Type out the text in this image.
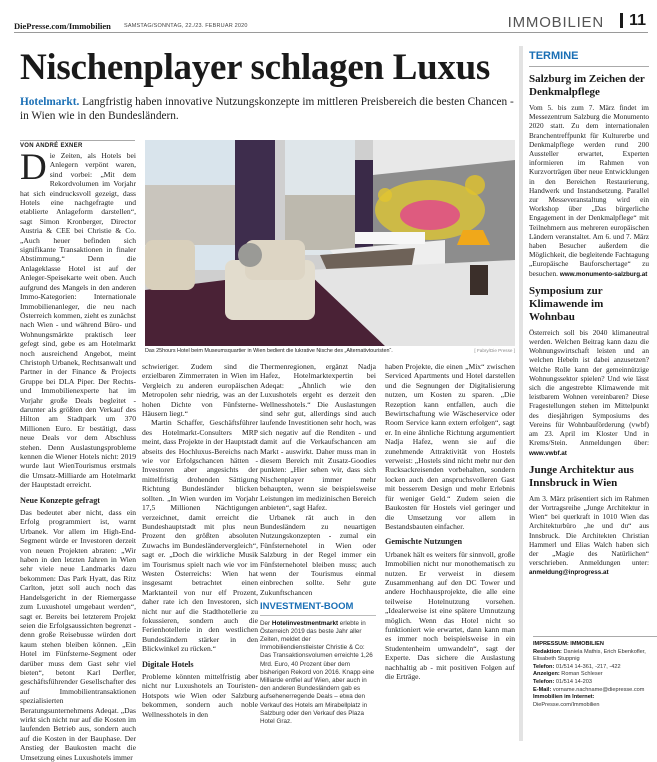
DiePresse.com/Immobilien SAMSTAG/SONNTAG, 22./23. FEBRUAR 2020	IMMOBILIEN	11
Nischenplayer schlagen Luxus
Hotelmarkt. Langfristig haben innovative Nutzungskonzepte im mittleren Preisbereich die besten Chancen - in Wien wie in den Bundesländern.
VON ANDRÉ EXNER

Die Zeiten, als Hotels bei Anlegern verpönt waren, sind vorbei: „Mit dem Rekordvolumen im Vorjahr hat sich eindrucksvoll gezeigt, dass Hotels eine nachgefragte und etablierte Anlageform darstellen“, sagt Simon Kronberger, Director Austria & CEE bei Christie & Co. „Auch heuer befinden sich signifikante Transaktionen in finaler Abstimmung.“ Denn die Anlageklasse Hotel ist auf der Anleger-Speisekarte weit oben. Auch aufgrund des Mangels in den anderen Immo-Kategorien: Internationale Immobilienanleger, die neu nach Österreich kommen, zieht es zunächst nach Wien - und während Büro- und Wohnungsmärkte praktisch leer gefegt sind, gebe es am Hotelmarkt noch ausreichend Angebot, meint Christoph Urbanek, Rechtsanwalt und Partner in der Finance & Projects Gruppe bei DLA Piper. Der Rechts- und Immobilienexperte hat im Vorjahr große Deals begleitet - darunter als größten den Verkauf des Hilton am Stadtpark um 370 Millionen Euro. Er bestätigt, dass neue Deals vor dem Abschluss stehen. Denn Auslastungsprobleme kennen die Wiener Hotels nicht: 2019 wurde laut WienTourismus erstmals die Umsatz-Milliarde am Hotelmarkt der Hauptstadt erreicht.

Neue Konzepte gefragt

Das bedeutet aber nicht, dass ein Erfolg programmiert ist, warnt Urbanek. Vor allem im High-End-Segment würde er Investoren derzeit von neuen Projekten abraten: „Wir haben in den letzten Jahren in Wien sehr viele neue Landmarks dazu bekommen: Das Park Hyatt, das Ritz Carlton, jetzt soll auch noch das Handelsgericht in der Riemergasse zum Luxushotel umgebaut werden“, sagt er. Bereits bei letzterem Projekt seien die Erfolgsaussichten begrenzt - denn große Reisebusse würden dort kaum stehen bleiben können. „Ein Hotel im Fünfsterne-Segment oder darüber muss dem Gast sehr viel bieten“, betont Karl Derfler, geschäftsführender Gesellschafter des auf Immobilientransaktionen spezialisierten Beratungsunternehmens Adeqat. „Das wirkt sich nicht nur auf die Kosten im laufenden Betrieb aus, sondern auch auf die Kosten in der Bauphase. Der Anstieg der Baukosten macht die Umsetzung eines Luxushotels immer

Das 25hours Hotel beim Museumsquartier in Wien bedient die lukrative Nische des „Alternativtouristen“.	[ Fabry/Die Presse ]

schwieriger. Zudem sind die erzielbaren Zimmerraten in Wien im Vergleich zu anderen europäischen Metropolen sehr niedrig, was an der hohen Dichte von Fünfsterne-Häusern liegt.“

Martin Schaffer, Geschäftsführer des Hotelmarkt-Consulters MRP meint, dass Projekte in der Hauptstadt abseits des Hochluxus-Bereichs nach wie vor Erfolgschancen hätten - Investoren aber angesichts der mittelfristig drohenden Sättigung Richtung Bundesländer blicken sollten. „In Wien wurden im Vorjahr 17,5 Millionen Nächtigungen verzeichnet, damit erreicht die Bundeshauptstadt mit plus neun Prozent den größten absoluten Zuwachs im Bundesländervergleich“, sagt er. „Doch die wirkliche Musik im Tourismus spielt nach wie vor im Westen Österreichs: Wien hat insgesamt betrachtet einen Marktanteil von nur elf Prozent, daher rate ich den Investoren, sich nicht nur auf die Stadthotellerie zu fokussieren, sondern auch die Ferienhotellerie in den westlichen Bundesländern stärker in den Blickwinkel zu rücken.“

Digitale Hotels

Probleme könnten mittelfristig aber nicht nur Luxushotels an Touristen-Hotspots wie Wien oder Salzburg bekommen, sondern auch noble Wellnesshotels in den

Thermenregionen, ergänzt Nadja Hafez, Hotelmarktexpertin bei Adeqat: „Ähnlich wie den Luxushotels ergeht es derzeit den Wellnesshotels.“ Die Auslastungen sind sehr gut, allerdings sind auch laufende Investitionen sehr hoch, was sich negativ auf die Renditen - und damit auf die Verkaufschancen am Markt - auswirkt. Daher muss man in diesem Bereich mit Zusatz-Goodies punkten: „Hier sehen wir, dass sich Nischenplayer immer mehr behaupten, wenn sie beispielsweise Leistungen im medizinischen Bereich anbieten“, sagt Hafez.

Urbanek rät auch in den Bundesländern zu neuartigen Nutzungskonzepten - zumal ein Fünfsternehotel in Wien oder Salzburg in der Regel immer ein Fünfsternehotel bleiben muss; auch wenn der Tourismus einmal einbrechen sollte. Sehr gute Zukunftschancen

INVESTMENT-BOOM
Der Hotelinvestmentmarkt erlebte in Österreich 2019 das beste Jahr aller Zeiten, meldet der Immobiliendienstleister Christie & Co: Das Transaktionsvolumen erreichte 1,26 Mrd. Euro, 40 Prozent über dem bisherigen Rekord von 2016. Knapp eine Milliarde entfiel auf Wien, aber auch in den anderen Bundesländern gab es aufsehenerregende Deals – etwa den Verkauf des Hotels am Mirabellplatz in Salzburg oder den Verkauf des Plaza Hotel Graz.

haben Projekte, die einen „Mix“ zwischen Serviced Apartments und Hotel darstellen und die Segnungen der Digitalisierung nutzen, um Kosten zu sparen. „Die Rezeption kann entfallen, auch die Bewirtschaftung wie Wäscheservice oder Room Service kann extern erfolgen“, sagt er. In eine ähnliche Richtung argumentiert Nadja Hafez, wenn sie auf die zunehmende Attraktivität von Hostels verweist: „Hostels sind nicht mehr nur den Rucksackreisenden vorbehalten, sondern locken auch den anspruchsvolleren Gast mit besserem Design und mehr Erlebnis für weniger Geld.“ Zudem seien die Baukosten für Hostels viel geringer und die Umsetzung vor allem in Bestandsbauten einfacher.

Gemischte Nutzungen

Urbanek hält es weiters für sinnvoll, große Immobilien nicht nur monothematisch zu nutzen. Er verweist in diesem Zusammenhang auf den DC Tower und andere Hochhausprojekte, die alle eine teilweise Hotelnutzung vorsehen. „Idealerweise ist eine spätere Umnutzung möglich. Wenn das Hotel nicht so funktioniert wie erwartet, dann kann man es immer noch beispielsweise in ein Studentenheim umwandeln“, sagt der Experte. Das sichere die Auslastung nachhaltig ab - mit positiven Folgen auf die Erträge.

TERMINE
Salzburg im Zeichen der Denkmalpflege
Vom 5. bis zum 7. März findet im Messezentrum Salzburg die Monumento 2020 statt. Zu dem internationalen Branchentreffpunkt für Kulturerbe und Denkmalpflege werden rund 200 Aussteller erwartet, Experten informieren im Rahmen von Kurzvorträgen über neue Entwicklungen in den Bereichen Restaurierung, Handwerk und Instandsetzung. Parallel zur Messeveranstaltung wird ein Workshop über „Das bürgerliche Engagement in der Denkmalpflege“ mit Teilnehmern aus mehreren europäischen Ländern veranstaltet. Am 6. und 7. März haben Besucher außerdem die Möglichkeit, die begleitende Fachtagung „Europäische Bauforschertage“ zu besuchen. www.monumento-salzburg.at
Symposium zur Klimawende im Wohnbau
Österreich soll bis 2040 klimaneutral werden. Welchen Beitrag kann dazu die Wohnungswirtschaft leisten und an welchen Hebeln ist dabei anzusetzen? Welche Rolle kann der gemeinnützige Wohnungssektor spielen? Und wie lässt sich die angestrebte Klimawende mit leistbarem Wohnen vereinbaren? Diese Fragestellungen stehen im Mittelpunkt des diesjährigen Symposiums des Vereins für Wohnbauförderung (vwbf) am 23. April im Kloster Und in Krems/Stein. Anmeldungen über: www.vwbf.at
Junge Architektur aus Innsbruck in Wien
Am 3. März präsentiert sich im Rahmen der Vortragsreihe „Junge Architektur in Wien“ bei querkraft in 1010 Wien das Architekturbüro „he und du“ aus Innsbruck. Die Architekten Christian Hammerl und Elias Walch haben sich der „Magie des Natürlichen“ verschrieben. Anmeldungen unter: anmeldung@inprogress.at
IMPRESSUM: IMMOBILIEN
Redaktion: Daniela Mathis, Erich Ebenkofler, Elisabeth Stuppnig
Telefon: 01/514 14-361, -217, -422
Anzeigen: Roman Schleser
Telefon: 01/514 14-203
E-Mail: vorname.nachname@diepresse.com
Immobilien im Internet:
DiePresse.com/Immobilien
